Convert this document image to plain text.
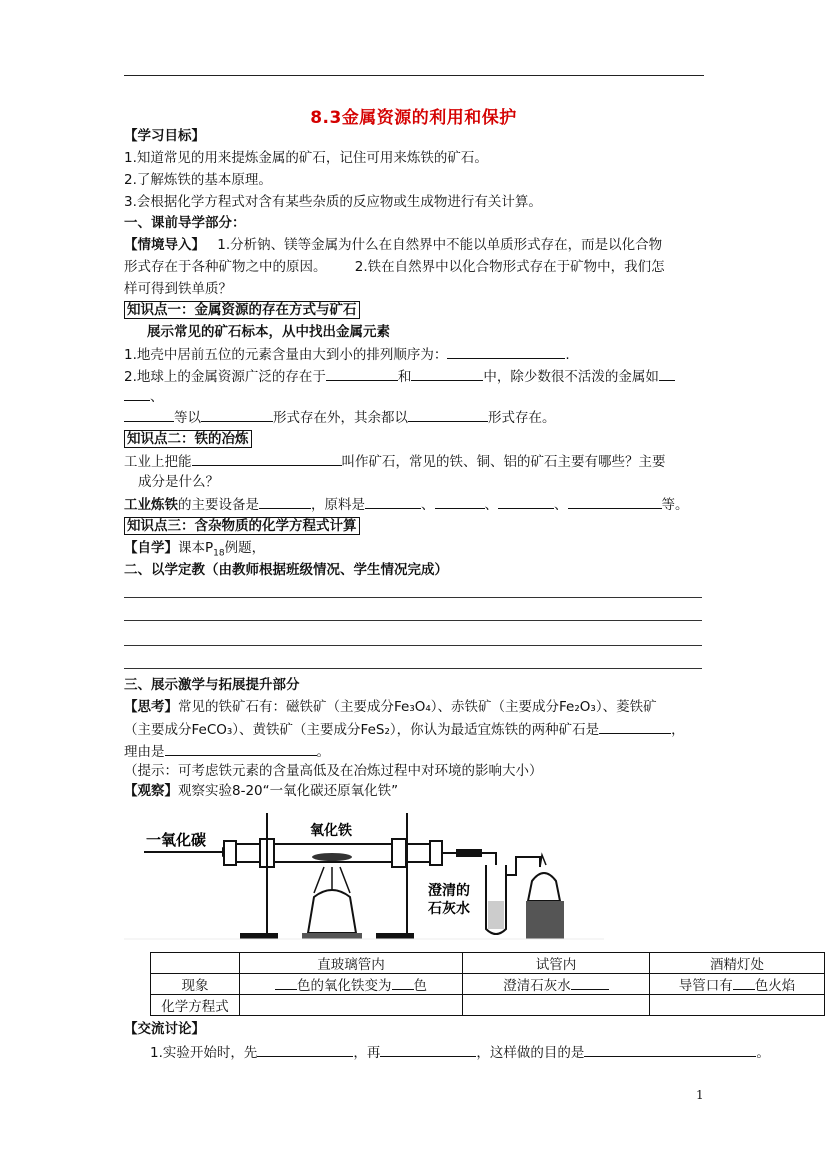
8.3金属资源的利用和保护
【学习目标】
1.知道常见的用来提炼金属的矿石，记住可用来炼铁的矿石。
2.了解炼铁的基本原理。
3.会根据化学方程式对含有某些杂质的反应物或生成物进行有关计算。
一、课前导学部分：
【情境导入】 1.分析钠、镁等金属为什么在自然界中不能以单质形式存在，而是以化合物
形式存在于各种矿物之中的原因。 2.铁在自然界中以化合物形式存在于矿物中，我们怎
样可得到铁单质？
知识点一：金属资源的存在方式与矿石
展示常见的矿石标本，从中找出金属元素
1.地壳中居前五位的元素含量由大到小的排列顺序为：	.
2.地球上的金属资源广泛的存在于	和	中，除少数很不活泼的金属如
、
等以	形式存在外，其余都以	形式存在。
知识点二：铁的冶炼
工业上把能	叫作矿石，常见的铁、铜、铝的矿石主要有哪些？主要
成分是什么？
工业炼铁的主要设备是	，原料是	、	、	、	等。
知识点三：含杂物质的化学方程式计算
【自学】课本$P_{18}$例题，
二、以学定教（由教师根据班级情况、学生情况完成）
三、展示激学与拓展提升部分
【思考】常见的铁矿石有：磁铁矿（主要成分Fe₃O₄）、赤铁矿（主要成分Fe₂O₃）、菱铁矿
（主要成分FeCO₃）、黄铁矿（主要成分FeS₂），你认为最适宜炼铁的两种矿石是	，
理由是	。
（提示：可考虑铁元素的含量高低及在冶炼过程中对环境的影响大小）
【观察】观察实验8-20“一氧化碳还原氧化铁”
一氧化碳	氧化铁
澄清的
石灰水
	直玻璃管内	试管内	酒精灯处
现象	色的氧化铁变为 色	澄清石灰水	导管口有 色火焰
化学方程式			
【交流讨论】
1.实验开始时，先	，再	，这样做的目的是	。
1
